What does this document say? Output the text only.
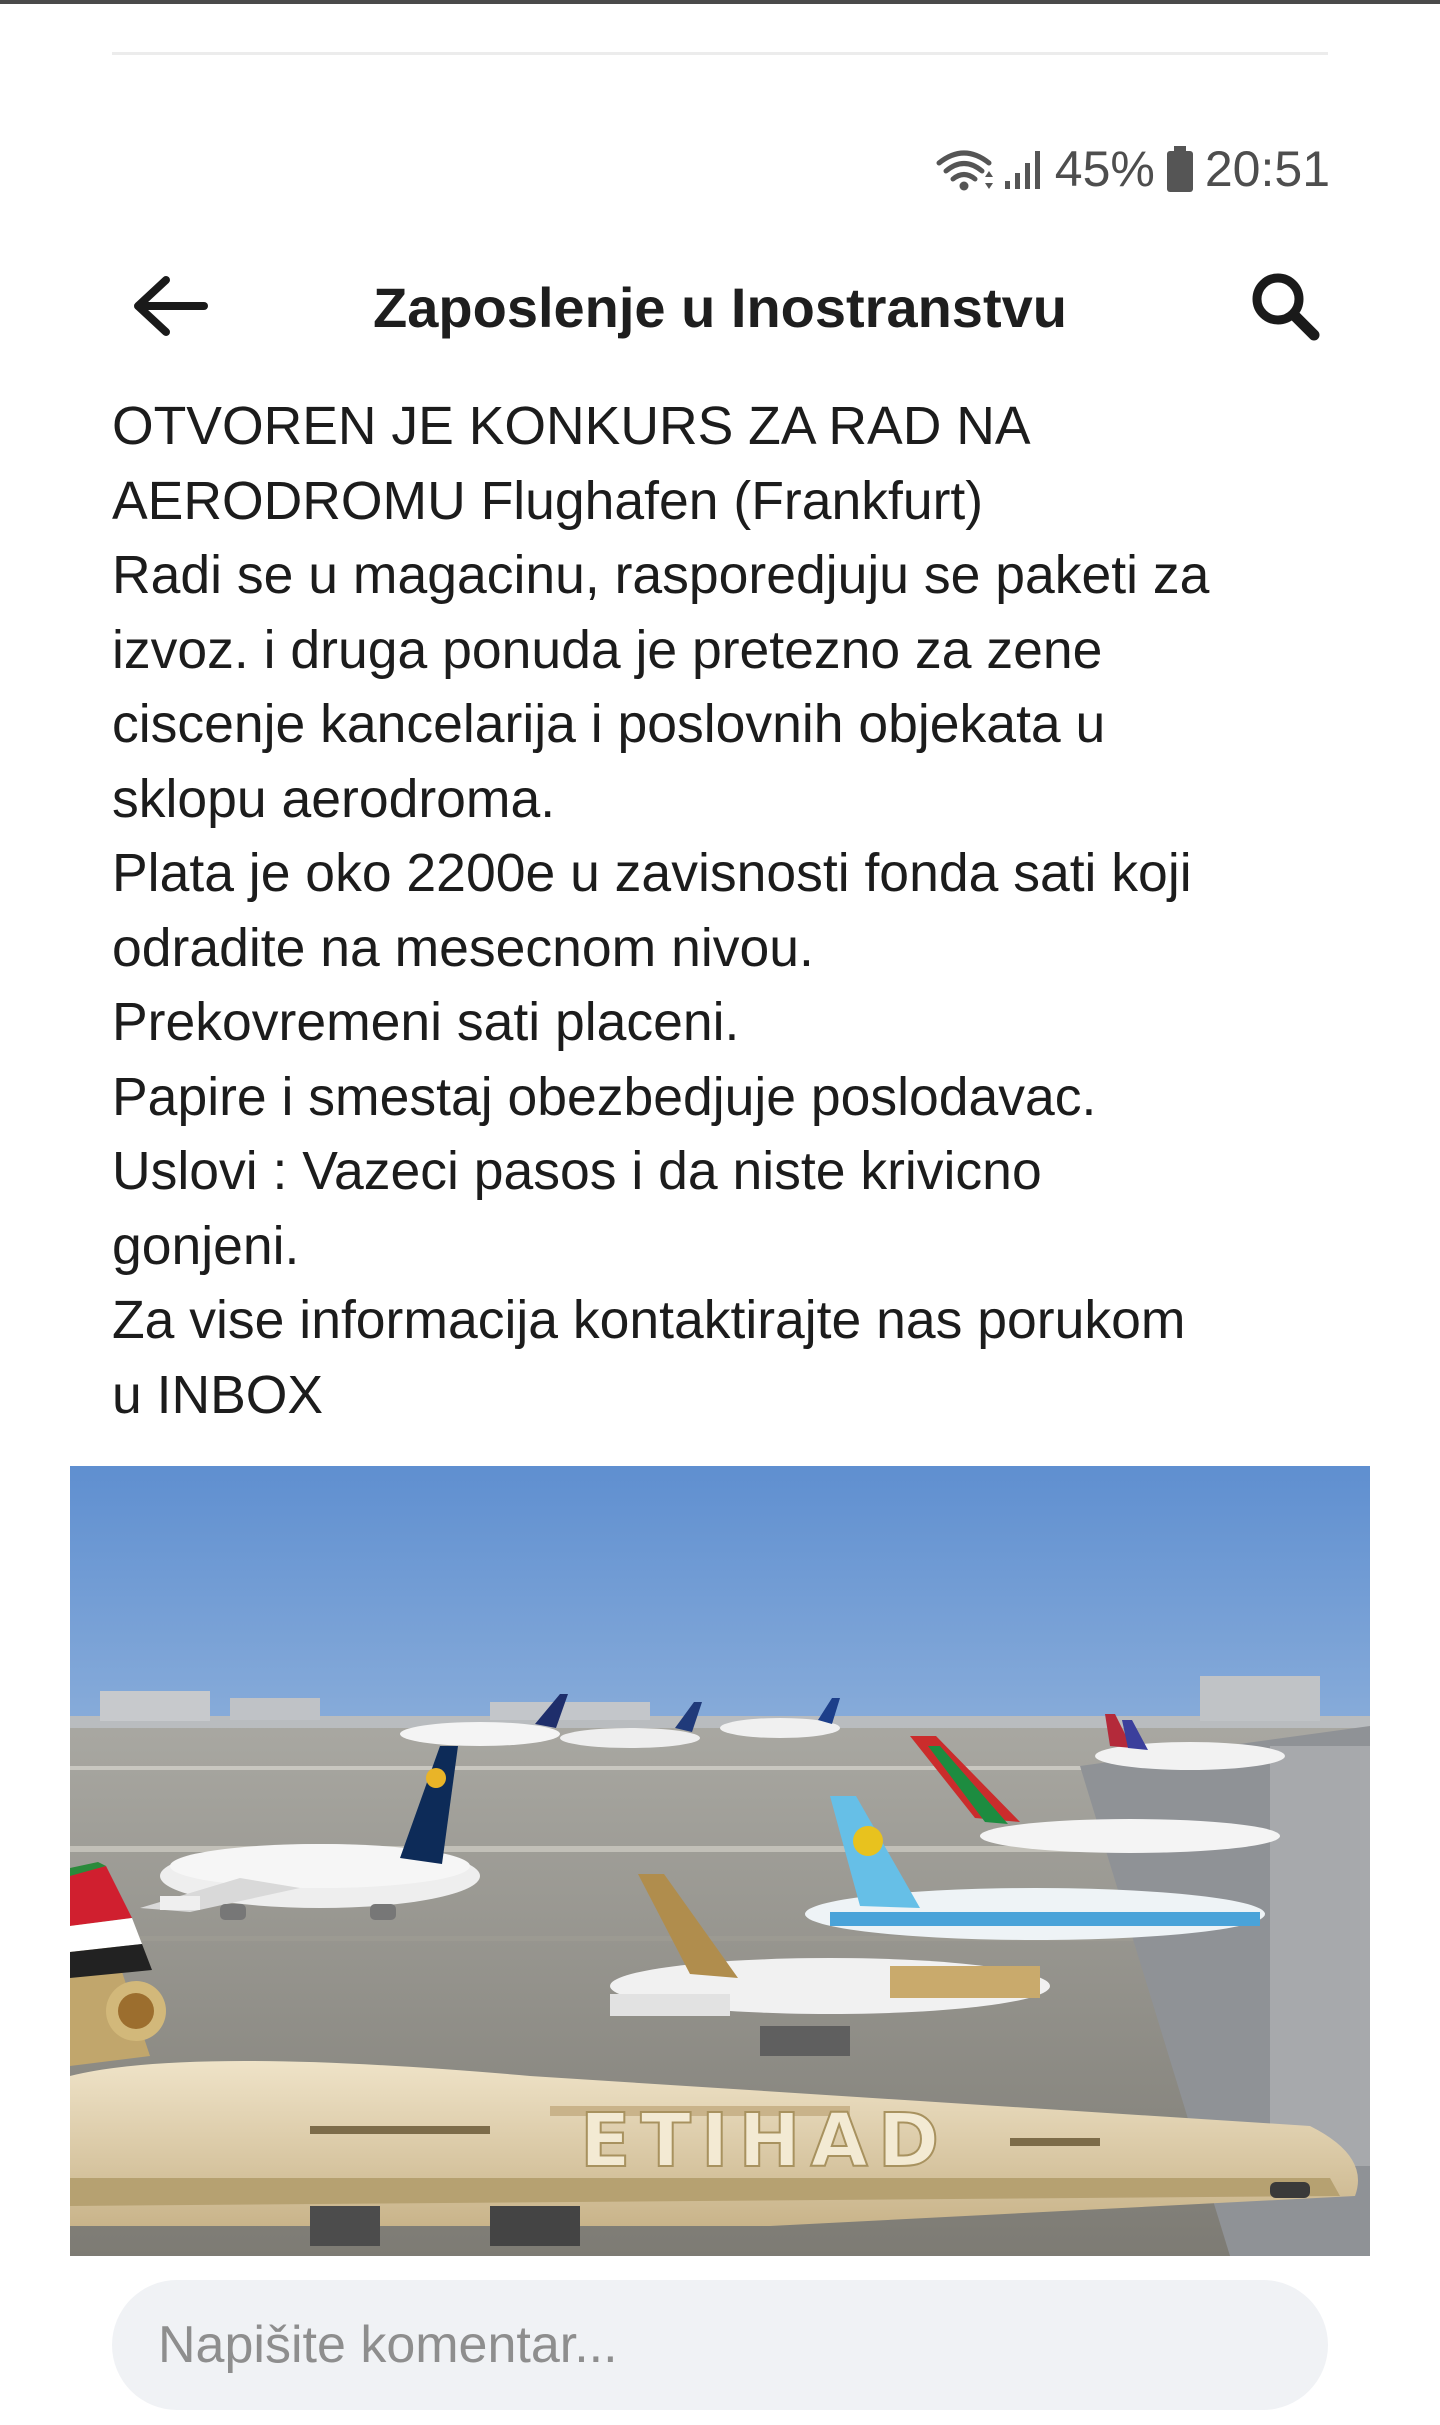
45% 20:51
Zaposlenje u Inostranstvu
OTVOREN JE KONKURS ZA RAD NA
AERODROMU Flughafen (Frankfurt)
Radi se u magacinu, rasporedjuju se paketi za
izvoz. i druga ponuda je pretezno za zene
ciscenje kancelarija i poslovnih objekata u
sklopu aerodroma.
Plata je oko 2200e u zavisnosti fonda sati koji
odradite na mesecnom nivou.
Prekovremeni sati placeni.
Papire i smestaj obezbedjuje poslodavac.
Uslovi : Vazeci pasos i da niste krivicno
gonjeni.
Za vise informacija kontaktirajte nas porukom
u INBOX
ETIHAD
Napišite komentar...
